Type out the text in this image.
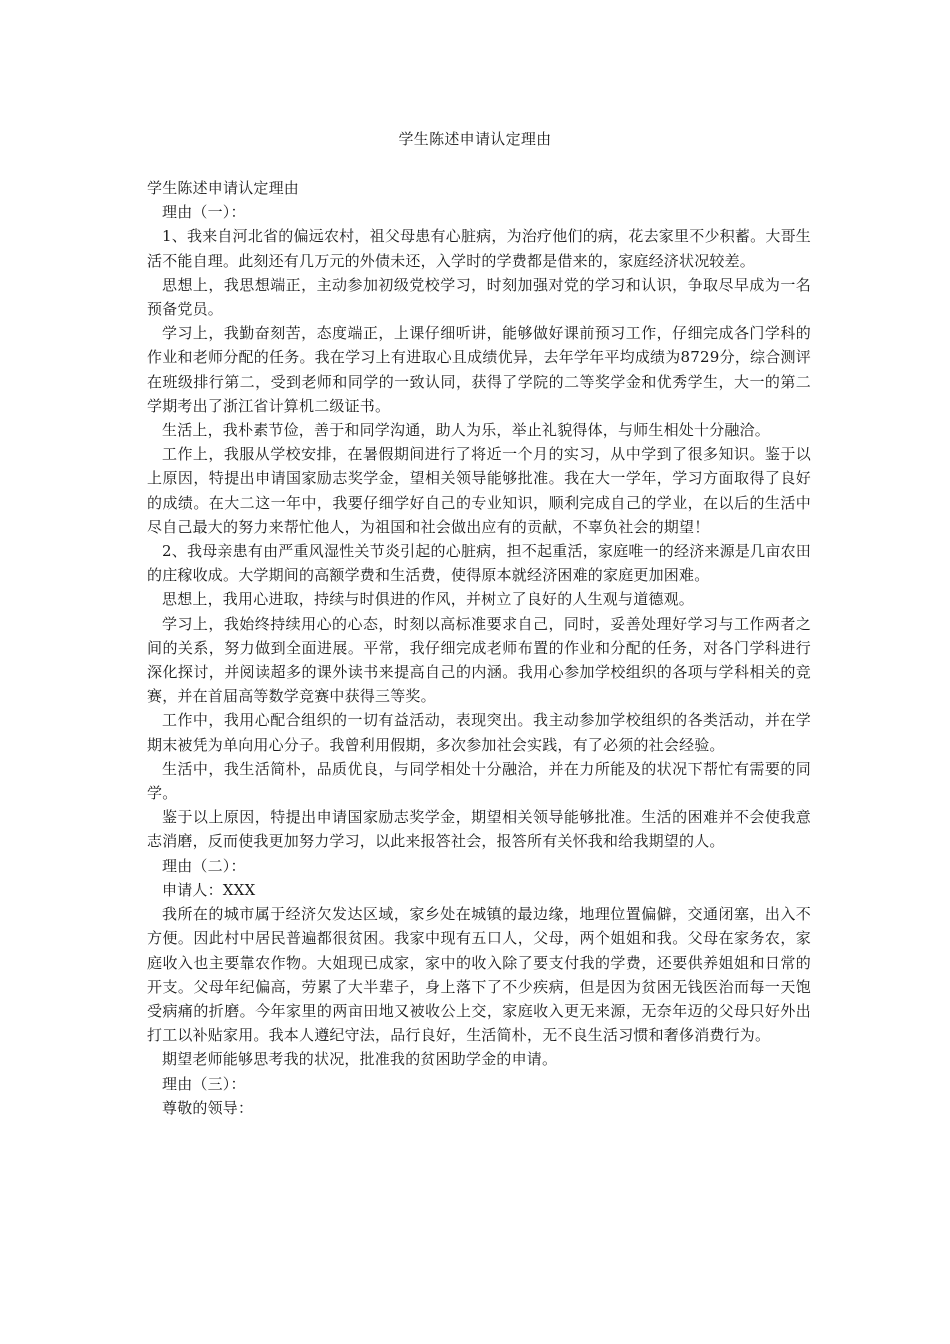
学生陈述申请认定理由

学生陈述申请认定理由

理由（一）：

1、我来自河北省的偏远农村，祖父母患有心脏病，为治疗他们的病，花去家里不少积蓄。大哥生活不能自理。此刻还有几万元的外债未还，入学时的学费都是借来的，家庭经济状况较差。

思想上，我思想端正，主动参加初级党校学习，时刻加强对党的学习和认识，争取尽早成为一名预备党员。

学习上，我勤奋刻苦，态度端正，上课仔细听讲，能够做好课前预习工作，仔细完成各门学科的作业和老师分配的任务。我在学习上有进取心且成绩优异，去年学年平均成绩为8729分，综合测评在班级排行第二，受到老师和同学的一致认同，获得了学院的二等奖学金和优秀学生，大一的第二学期考出了浙江省计算机二级证书。

生活上，我朴素节俭，善于和同学沟通，助人为乐，举止礼貌得体，与师生相处十分融洽。

工作上，我服从学校安排，在暑假期间进行了将近一个月的实习，从中学到了很多知识。鉴于以上原因，特提出申请国家励志奖学金，望相关领导能够批准。我在大一学年，学习方面取得了良好的成绩。在大二这一年中，我要仔细学好自己的专业知识，顺利完成自己的学业，在以后的生活中尽自己最大的努力来帮忙他人，为祖国和社会做出应有的贡献，不辜负社会的期望！

2、我母亲患有由严重风湿性关节炎引起的心脏病，担不起重活，家庭唯一的经济来源是几亩农田的庄稼收成。大学期间的高额学费和生活费，使得原本就经济困难的家庭更加困难。

思想上，我用心进取，持续与时俱进的作风，并树立了良好的人生观与道德观。

学习上，我始终持续用心的心态，时刻以高标准要求自己，同时，妥善处理好学习与工作两者之间的关系，努力做到全面进展。平常，我仔细完成老师布置的作业和分配的任务，对各门学科进行深化探讨，并阅读超多的课外读书来提高自己的内涵。我用心参加学校组织的各项与学科相关的竞赛，并在首届高等数学竞赛中获得三等奖。

工作中，我用心配合组织的一切有益活动，表现突出。我主动参加学校组织的各类活动，并在学期末被凭为单向用心分子。我曾利用假期，多次参加社会实践，有了必须的社会经验。

生活中，我生活简朴，品质优良，与同学相处十分融洽，并在力所能及的状况下帮忙有需要的同学。

鉴于以上原因，特提出申请国家励志奖学金，期望相关领导能够批准。生活的困难并不会使我意志消磨，反而使我更加努力学习，以此来报答社会，报答所有关怀我和给我期望的人。

理由（二）：

申请人：XXX

我所在的城市属于经济欠发达区域，家乡处在城镇的最边缘，地理位置偏僻，交通闭塞，出入不方便。因此村中居民普遍都很贫困。我家中现有五口人，父母，两个姐姐和我。父母在家务农，家庭收入也主要靠农作物。大姐现已成家，家中的收入除了要支付我的学费，还要供养姐姐和日常的开支。父母年纪偏高，劳累了大半辈子，身上落下了不少疾病，但是因为贫困无钱医治而每一天饱受病痛的折磨。今年家里的两亩田地又被收公上交，家庭收入更无来源，无奈年迈的父母只好外出打工以补贴家用。我本人遵纪守法，品行良好，生活简朴，无不良生活习惯和奢侈消费行为。

期望老师能够思考我的状况，批准我的贫困助学金的申请。

理由（三）：

尊敬的领导：
